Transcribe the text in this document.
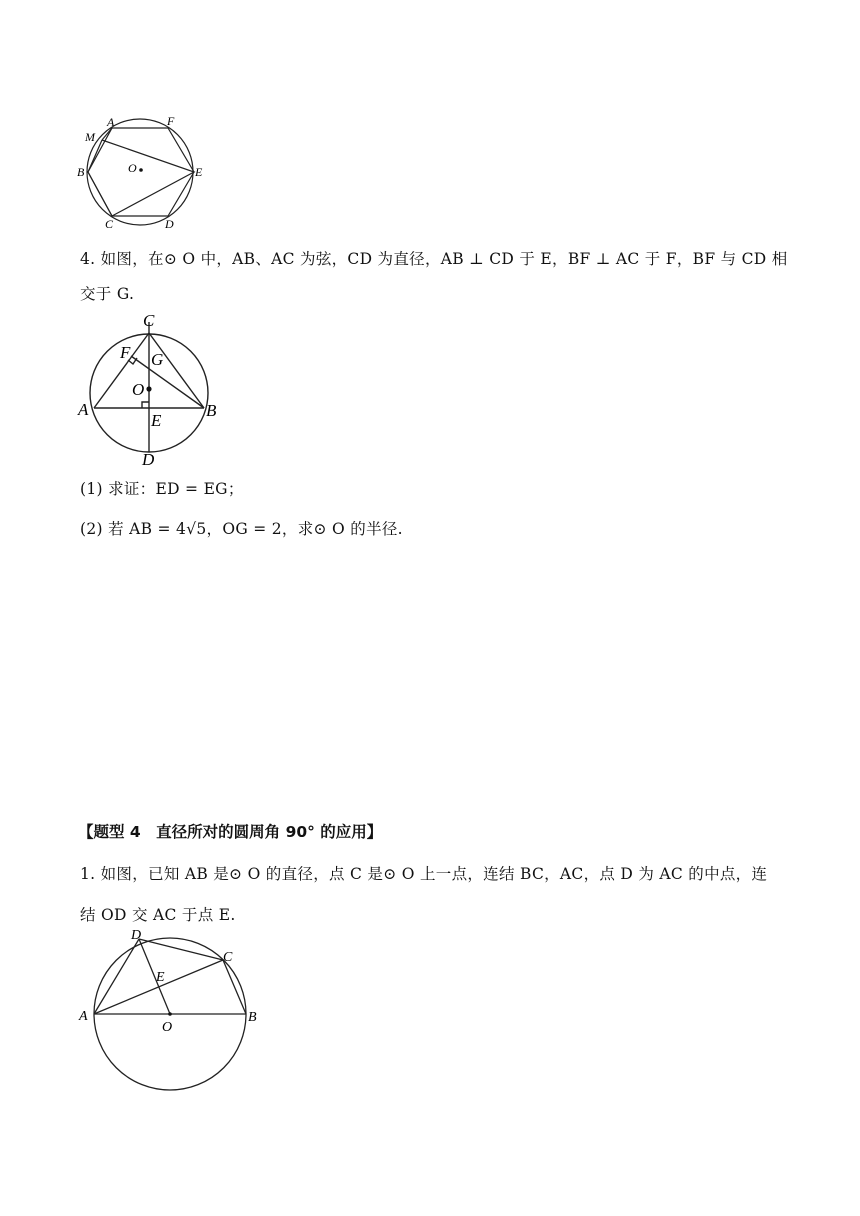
A	F
M
B	O	E
C	D
4. 如图，在⊙ O 中，AB、AC 为弦，CD 为直径，AB ⊥ CD 于 E，BF ⊥ AC 于 F，BF 与 CD 相
交于 G.
C
F G
O
A	B
E
D
(1) 求证：ED = EG；
(2) 若 AB = 4√5，OG = 2，求⊙ O 的半径.
【题型 4　直径所对的圆周角 90° 的应用】
1. 如图，已知 AB 是⊙ O 的直径，点 C 是⊙ O 上一点，连结 BC，AC，点 D 为 AC 的中点，连
结 OD 交 AC 于点 E.
D
C
E
A
O
B
